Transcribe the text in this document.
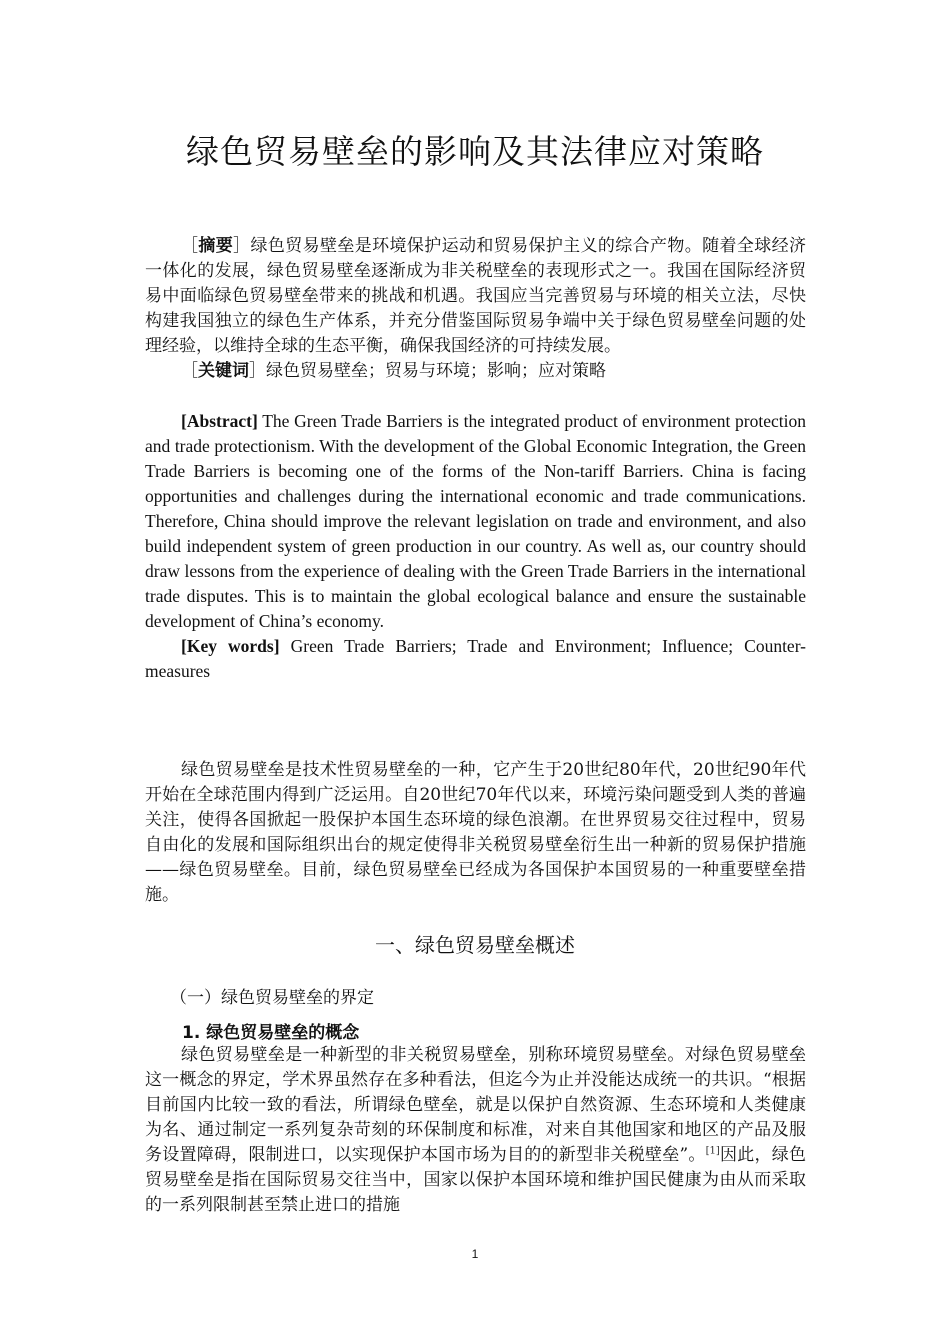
绿色贸易壁垒的影响及其法律应对策略

［摘要］绿色贸易壁垒是环境保护运动和贸易保护主义的综合产物。随着全球经济一体化的发展，绿色贸易壁垒逐渐成为非关税壁垒的表现形式之一。我国在国际经济贸易中面临绿色贸易壁垒带来的挑战和机遇。我国应当完善贸易与环境的相关立法，尽快构建我国独立的绿色生产体系，并充分借鉴国际贸易争端中关于绿色贸易壁垒问题的处理经验，以维持全球的生态平衡，确保我国经济的可持续发展。

［关键词］绿色贸易壁垒；贸易与环境；影响；应对策略

[Abstract] The Green Trade Barriers is the integrated product of environment protection and trade protectionism. With the development of the Global Economic Integration, the Green Trade Barriers is becoming one of the forms of the Non-tariff Barriers. China is facing opportunities and challenges during the international economic and trade communications. Therefore, China should improve the relevant legislation on trade and environment, and also build independent system of green production in our country. As well as, our country should draw lessons from the experience of dealing with the Green Trade Barriers in the international trade disputes. This is to maintain the global ecological balance and ensure the sustainable development of China’s economy.

[Key words] Green Trade Barriers; Trade and Environment; Influence; Counter-measures

绿色贸易壁垒是技术性贸易壁垒的一种，它产生于20世纪80年代，20世纪90年代开始在全球范围内得到广泛运用。自20世纪70年代以来，环境污染问题受到人类的普遍关注，使得各国掀起一股保护本国生态环境的绿色浪潮。在世界贸易交往过程中，贸易自由化的发展和国际组织出台的规定使得非关税贸易壁垒衍生出一种新的贸易保护措施——绿色贸易壁垒。目前，绿色贸易壁垒已经成为各国保护本国贸易的一种重要壁垒措施。

一、绿色贸易壁垒概述
（一）绿色贸易壁垒的界定
1. 绿色贸易壁垒的概念

绿色贸易壁垒是一种新型的非关税贸易壁垒，别称环境贸易壁垒。对绿色贸易壁垒这一概念的界定，学术界虽然存在多种看法，但迄今为止并没能达成统一的共识。“根据目前国内比较一致的看法，所谓绿色壁垒，就是以保护自然资源、生态环境和人类健康为名、通过制定一系列复杂苛刻的环保制度和标准，对来自其他国家和地区的产品及服务设置障碍，限制进口，以实现保护本国市场为目的的新型非关税壁垒”。[1]因此，绿色贸易壁垒是指在国际贸易交往当中，国家以保护本国环境和维护国民健康为由从而采取的一系列限制甚至禁止进口的措施

1
